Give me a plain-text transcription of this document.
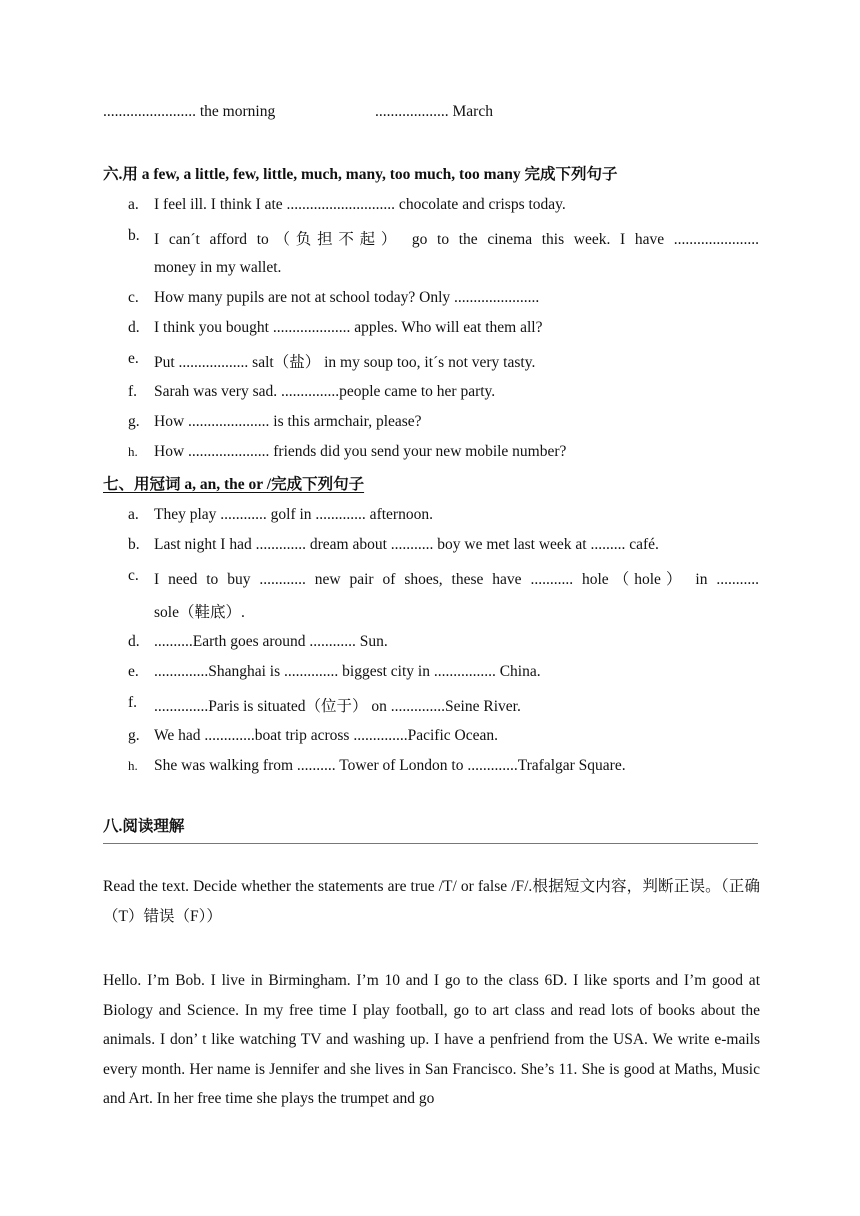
........................ the morning	................... March
六.用 a few, a little, few, little, much, many, too much, too many 完成下列句子
a. I feel ill. I think I ate ............................ chocolate and crisps today.
b. I can´t afford to（负担不起） go to the cinema this week. I have ......................
money in my wallet.
c. How many pupils are not at school today? Only ......................
d. I think you bought .................... apples. Who will eat them all?
e. Put .................. salt（盐） in my soup too, it´s not very tasty.
f.	Sarah was very sad. ...............people came to her party.
g. How ..................... is this armchair, please?
h.	How ..................... friends did you send your new mobile number?
七、用冠词 a, an, the or /完成下列句子
a. They play ............ golf in ............. afternoon.
b. Last night I had ............. dream about ........... boy we met last week at ......... café.
c. I need to buy ............ new pair of shoes, these have ........... hole（hole） in ...........
sole（鞋底）.
d. ..........Earth goes around ............ Sun.
e. ..............Shanghai is .............. biggest city in ................ China.
f.	..............Paris is situated（位于） on ..............Seine River.
g. We had .............boat trip across ..............Pacific Ocean.
h.	She was walking from .......... Tower of London to .............Trafalgar Square.
八.阅读理解
Read the text. Decide whether the statements are true /T/ or false /F/.根据短文内容，判断正误。（正确（T）错误（F））
Hello. I’m Bob. I live in Birmingham. I’m 10 and I go to the class 6D. I like sports and I’m good at Biology and Science. In my free time I play football, go to art class and read lots of books about the animals. I don’ t like watching TV and washing up. I have a penfriend from the USA. We write e-mails every month. Her name is Jennifer and she lives in San Francisco. She’s 11. She is good at Maths, Music and Art. In her free time she plays the trumpet and go
